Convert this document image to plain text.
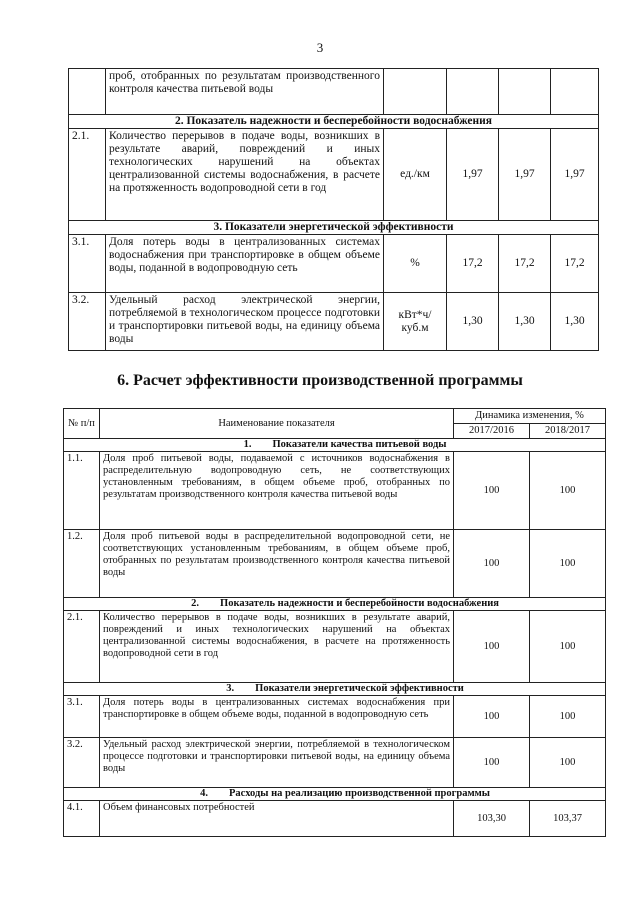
3
	проб, отобранных по результатам производственного контроля качества питьевой воды				
2. Показатель надежности и бесперебойности водоснабжения					
2.1.	Количество перерывов в подаче воды, возникших в результате аварий, повреждений и иных технологических нарушений на объектах централизованной системы водоснабжения, в расчете на протяженность водопроводной сети в год	ед./км	1,97	1,97	1,97
3. Показатели энергетической эффективности					
3.1.	Доля потерь воды в централизованных системах водоснабжения при транспортировке в общем объеме воды, поданной в водопроводную сеть	%	17,2	17,2	17,2
3.2.	Удельный расход электрической энергии, потребляемой в технологическом процессе подготовки и транспортировки питьевой воды, на единицу объема воды	кВт*ч/куб.м	1,30	1,30	1,30
6. Расчет эффективности производственной программы
№ п/п	Наименование показателя	Динамика изменения, %	
		2017/2016	2018/2017
1. Показатели качества питьевой воды			
1.1.	Доля проб питьевой воды, подаваемой с источников водоснабжения в распределительную водопроводную сеть, не соответствующих установленным требованиям, в общем объеме проб, отобранных по результатам производственного контроля качества питьевой воды	100	100
1.2.	Доля проб питьевой воды в распределительной водопроводной сети, не соответствующих установленным требованиям, в общем объеме проб, отобранных по результатам производственного контроля качества питьевой воды	100	100
2. Показатель надежности и бесперебойности водоснабжения			
2.1.	Количество перерывов в подаче воды, возникших в результате аварий, повреждений и иных технологических нарушений на объектах централизованной системы водоснабжения, в расчете на протяженность водопроводной сети в год	100	100
3. Показатели энергетической эффективности			
3.1.	Доля потерь воды в централизованных системах водоснабжения при транспортировке в общем объеме воды, поданной в водопроводную сеть	100	100
3.2.	Удельный расход электрической энергии, потребляемой в технологическом процессе подготовки и транспортировки питьевой воды, на единицу объема воды	100	100
4. Расходы на реализацию производственной программы			
4.1.	Объем финансовых потребностей	103,30	103,37
